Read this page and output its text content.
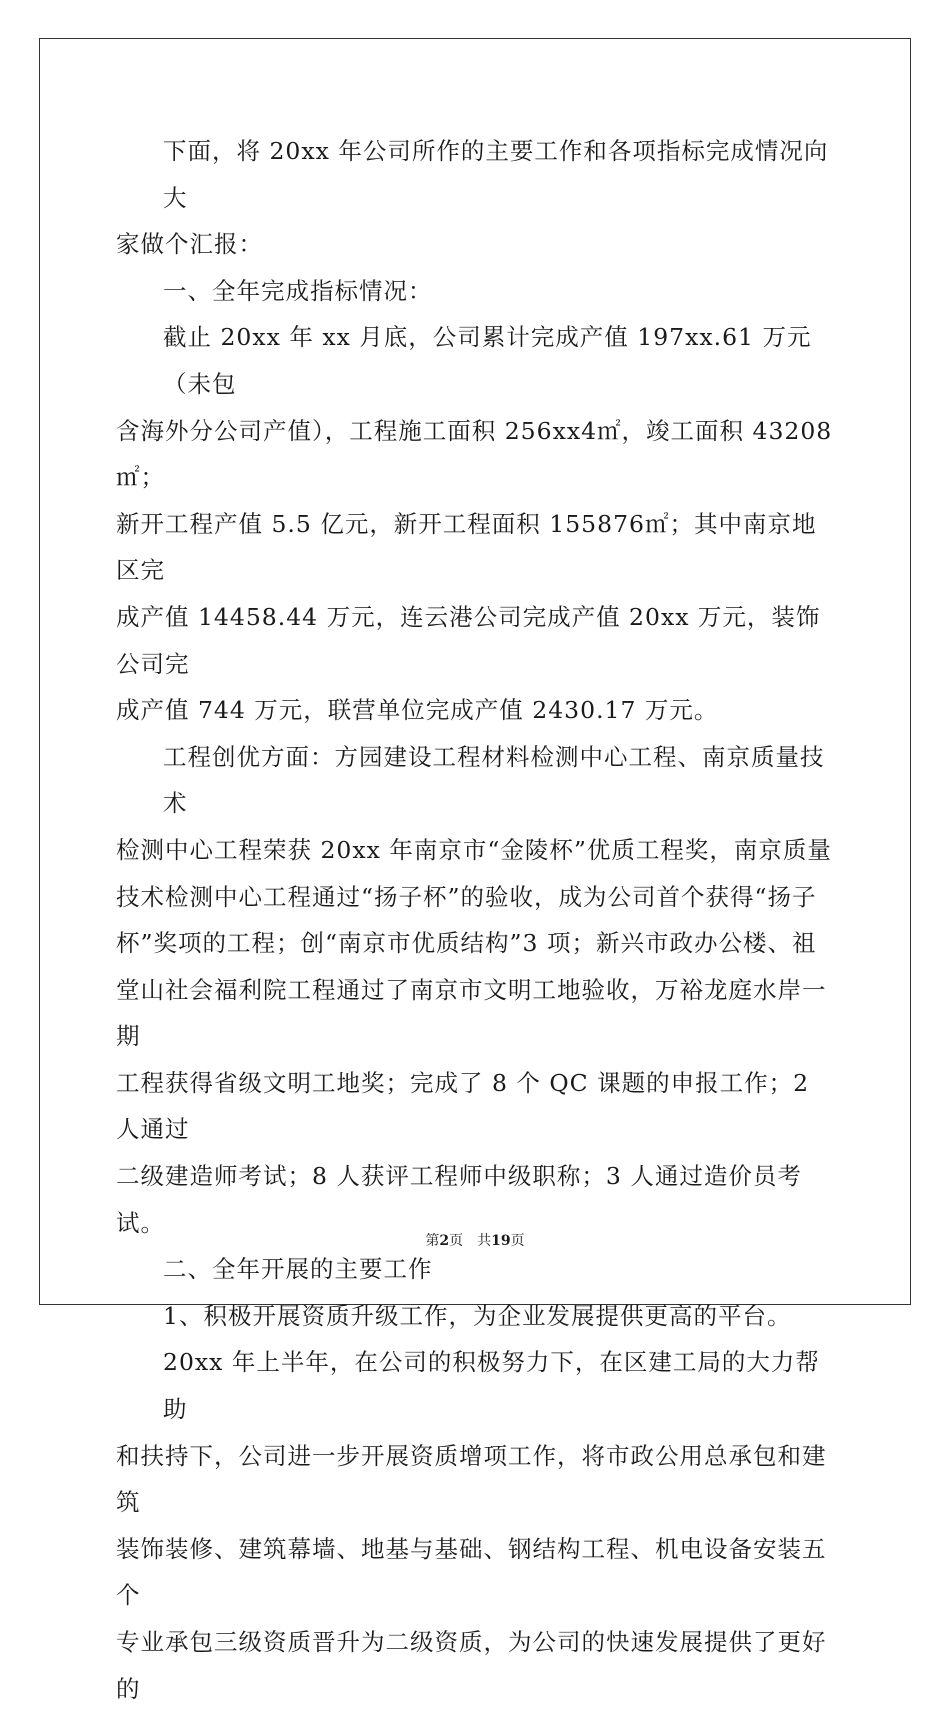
下面，将 20xx 年公司所作的主要工作和各项指标完成情况向大

家做个汇报：

一、全年完成指标情况：

截止 20xx 年 xx 月底，公司累计完成产值 197xx.61 万元（未包

含海外分公司产值），工程施工面积 256xx4㎡，竣工面积 43208㎡；

新开工程产值 5.5 亿元，新开工程面积 155876㎡；其中南京地区完

成产值 14458.44 万元，连云港公司完成产值 20xx 万元，装饰公司完

成产值 744 万元，联营单位完成产值 2430.17 万元。

工程创优方面：方园建设工程材料检测中心工程、南京质量技术

检测中心工程荣获 20xx 年南京市“金陵杯”优质工程奖，南京质量

技术检测中心工程通过“扬子杯”的验收，成为公司首个获得“扬子

杯”奖项的工程；创“南京市优质结构”3 项；新兴市政办公楼、祖

堂山社会福利院工程通过了南京市文明工地验收，万裕龙庭水岸一期

工程获得省级文明工地奖；完成了 8 个 QC 课题的申报工作；2 人通过

二级建造师考试；8 人获评工程师中级职称；3 人通过造价员考试。

二、全年开展的主要工作

1、积极开展资质升级工作，为企业发展提供更高的平台。

20xx 年上半年，在公司的积极努力下，在区建工局的大力帮助

和扶持下，公司进一步开展资质增项工作，将市政公用总承包和建筑

装饰装修、建筑幕墙、地基与基础、钢结构工程、机电设备安装五个

专业承包三级资质晋升为二级资质，为公司的快速发展提供了更好的

第2页　共19页
